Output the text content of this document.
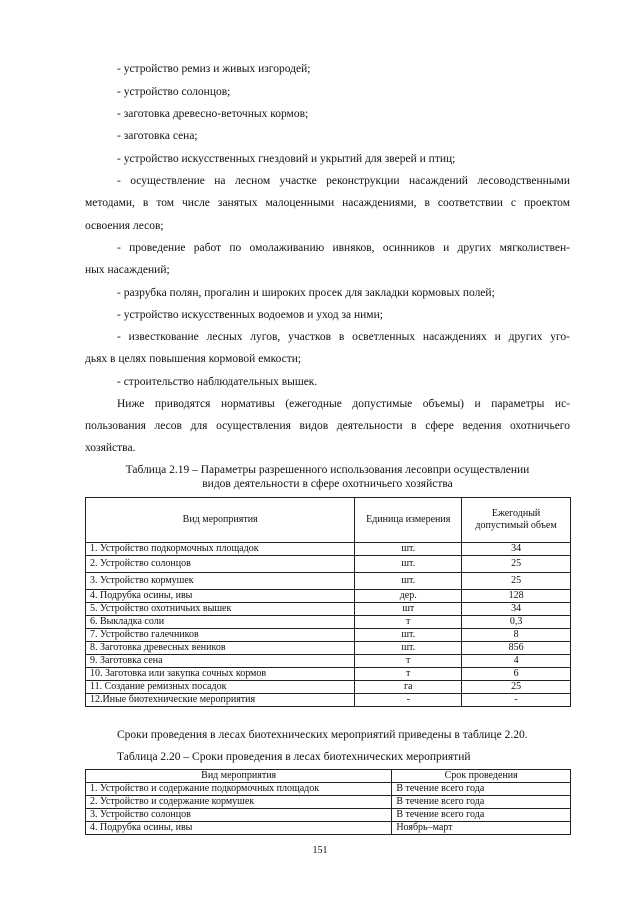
- устройство ремиз и живых изгородей;
- устройство солонцов;
- заготовка древесно-веточных кормов;
- заготовка сена;
- устройство искусственных гнездовий и укрытий для зверей и птиц;
- осуществление на лесном участке реконструкции насаждений лесоводственными
методами, в том числе занятых малоценными насаждениями, в соответствии с проектом
освоения лесов;
- проведение работ по омолаживанию ивняков, осинников и других мягколиствен-
ных насаждений;
- разрубка полян, прогалин и широких просек для закладки кормовых полей;
- устройство искусственных водоемов и уход за ними;
- известкование лесных лугов, участков в осветленных насаждениях и других уго-
дьях в целях повышения кормовой емкости;
- строительство наблюдательных вышек.
Ниже приводятся нормативы (ежегодные допустимые объемы) и параметры ис-
пользования лесов для осуществления видов деятельности в сфере ведения охотничьего
хозяйства.
Таблица 2.19 – Параметры разрешенного использования лесовпри осуществлении
видов деятельности в сфере охотничьего хозяйства
Вид мероприятия	Единица измерения	Ежегодный допустимый объем
1. Устройство подкормочных площадок	шт.	34
2. Устройство солонцов	шт.	25
3. Устройство кормушек	шт.	25
4. Подрубка осины, ивы	дер.	128
5. Устройство охотничьих вышек	шт	34
6. Выкладка соли	т	0,3
7. Устройство галечников	шт.	8
8. Заготовка древесных веников	шт.	856
9. Заготовка сена	т	4
10. Заготовка или закупка сочных кормов	т	6
11. Создание ремизных посадок	га	25
12.Иные биотехнические мероприятия	-	-
Сроки проведения в лесах биотехнических мероприятий приведены в таблице 2.20.
Таблица 2.20 – Сроки проведения в лесах биотехнических мероприятий
Вид мероприятия	Срок проведения
1. Устройство и содержание подкормочных площадок	В течение всего года
2. Устройство и содержание кормушек	В течение всего года
3. Устройство солонцов	В течение всего года
4. Подрубка осины, ивы	Ноябрь–март
151
